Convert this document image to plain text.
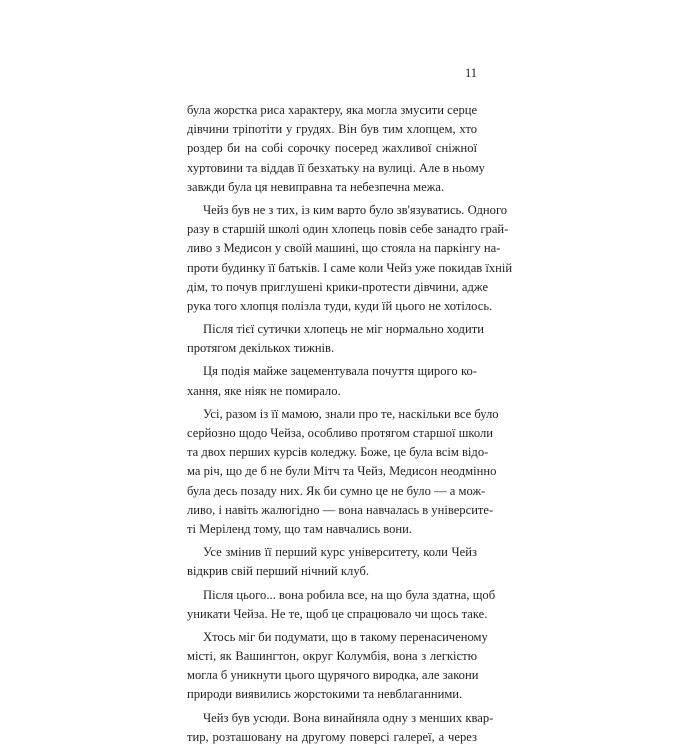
11
була жорстка риса характеру, яка могла змусити серце
дівчини тріпотіти у грудях. Він був тим хлопцем, хто
роздер би на собі сорочку посеред жахливої сніжної
хуртовини та віддав її безхатьку на вулиці. Але в ньому
завжди була ця невиправна та небезпечна межа.
Чейз був не з тих, із ким варто було зв'язуватись. Одного
разу в старшій школі один хлопець повів себе занадто грай-
ливо з Медисон у своїй машині, що стояла на паркінгу на-
проти будинку її батьків. І саме коли Чейз уже покидав їхній
дім, то почув приглушені крики-протести дівчини, адже
рука того хлопця полізла туди, куди їй цього не хотілось.
Після тієї сутички хлопець не міг нормально ходити
протягом декількох тижнів.
Ця подія майже зацементувала почуття щирого ко-
хання, яке ніяк не помирало.
Усі, разом із її мамою, знали про те, наскільки все було
серйозно щодо Чейза, особливо протягом старшої школи
та двох перших курсів коледжу. Боже, це була всім відо-
ма річ, що де б не були Мітч та Чейз, Медисон неодмінно
була десь позаду них. Як би сумно це не було — а мож-
ливо, і навіть жалюгідно — вона навчалась в університе-
ті Меріленд тому, що там навчались вони.
Усе змінив її перший курс університету, коли Чейз
відкрив свій перший нічний клуб.
Після цього... вона робила все, на що була здатна, щоб
уникати Чейза. Не те, щоб це спрацювало чи щось таке.
Хтось міг би подумати, що в такому перенасиченому
місті, як Вашингтон, округ Колумбія, вона з легкістю
могла б уникнути цього щурячого виродка, але закони
природи виявились жорстокими та невблаганними.
Чейз був усюди. Вона винайняла одну з менших квар-
тир, розташовану на другому поверсі галереї, а через
